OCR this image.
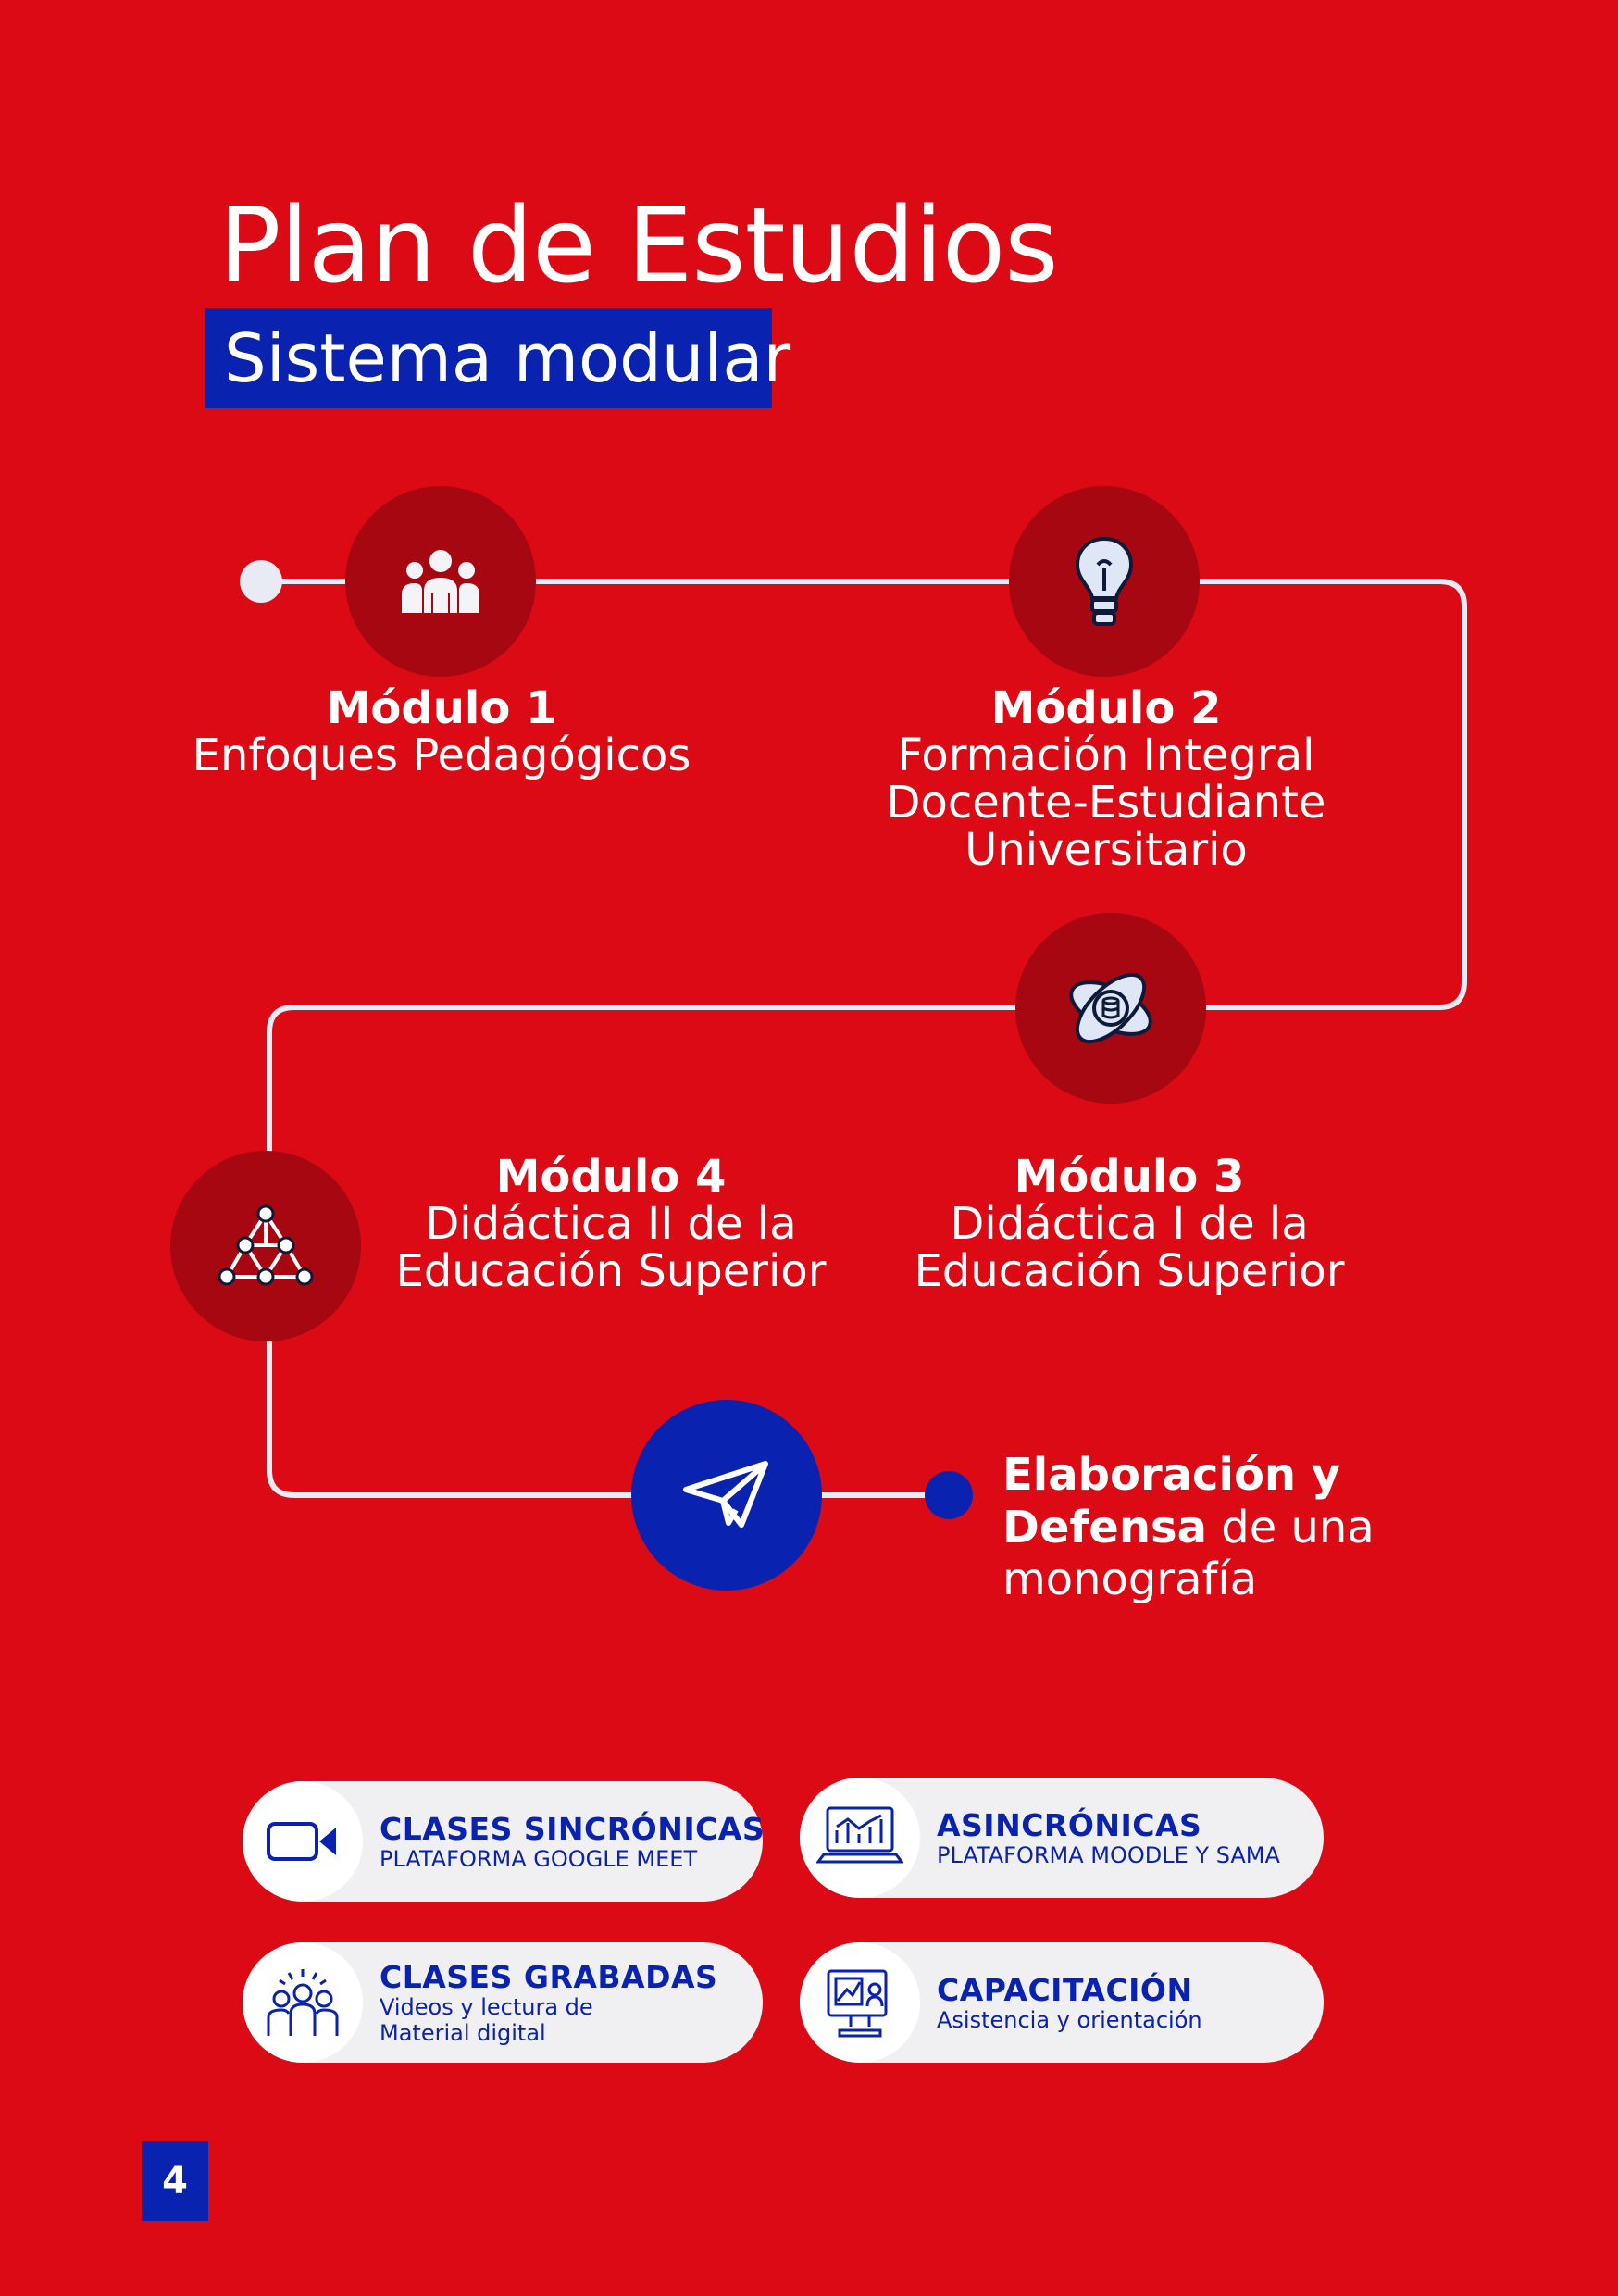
Plan de Estudios
Sistema modular
Módulo 1
Enfoques Pedagógicos
Módulo 2
Formación Integral
Docente-Estudiante
Universitario
Módulo 3
Didáctica I de la
Educación Superior
Módulo 4
Didáctica II de la
Educación Superior
Elaboración y
Defensa de una
monografía
CLASES SINCRÓNICAS
PLATAFORMA GOOGLE MEET
ASINCRÓNICAS
PLATAFORMA MOODLE Y SAMA
CLASES GRABADAS
Videos y lectura de
Material digital
CAPACITACIÓN
Asistencia y orientación
4
